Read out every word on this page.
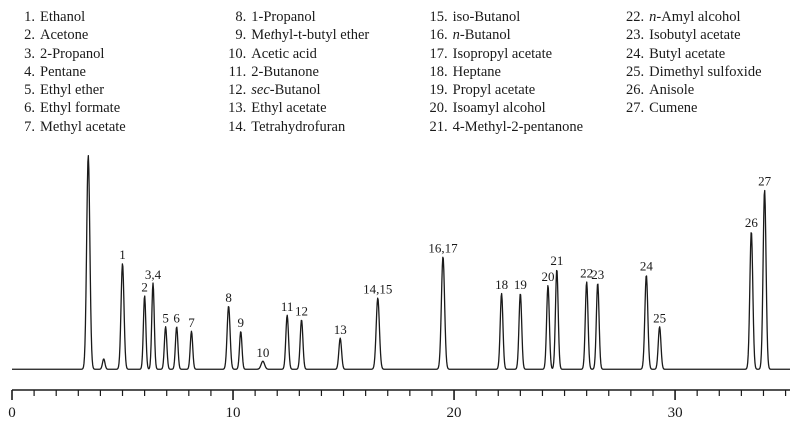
1. Ethanol
2. Acetone
3. 2-Propanol
4. Pentane
5. Ethyl ether
6. Ethyl formate
7. Methyl acetate
8. 1-Propanol
9. Methyl-t-butyl ether
10. Acetic acid
11. 2-Butanone
12. sec-Butanol
13. Ethyl acetate
14. Tetrahydrofuran
15. iso-Butanol
16. n-Butanol
17. Isopropyl acetate
18. Heptane
19. Propyl acetate
20. Isoamyl alcohol
21. 4-Methyl-2-pentanone
22. n-Amyl alcohol
23. Isobutyl acetate
24. Butyl acetate
25. Dimethyl sulfoxide
26. Anisole
27. Cumene
0	10	20	30
1
2
3,4
5 6 7
8
9
10
11 12
13
14,15
16,17
18 19
20
21
22
23
24
25
26
27
